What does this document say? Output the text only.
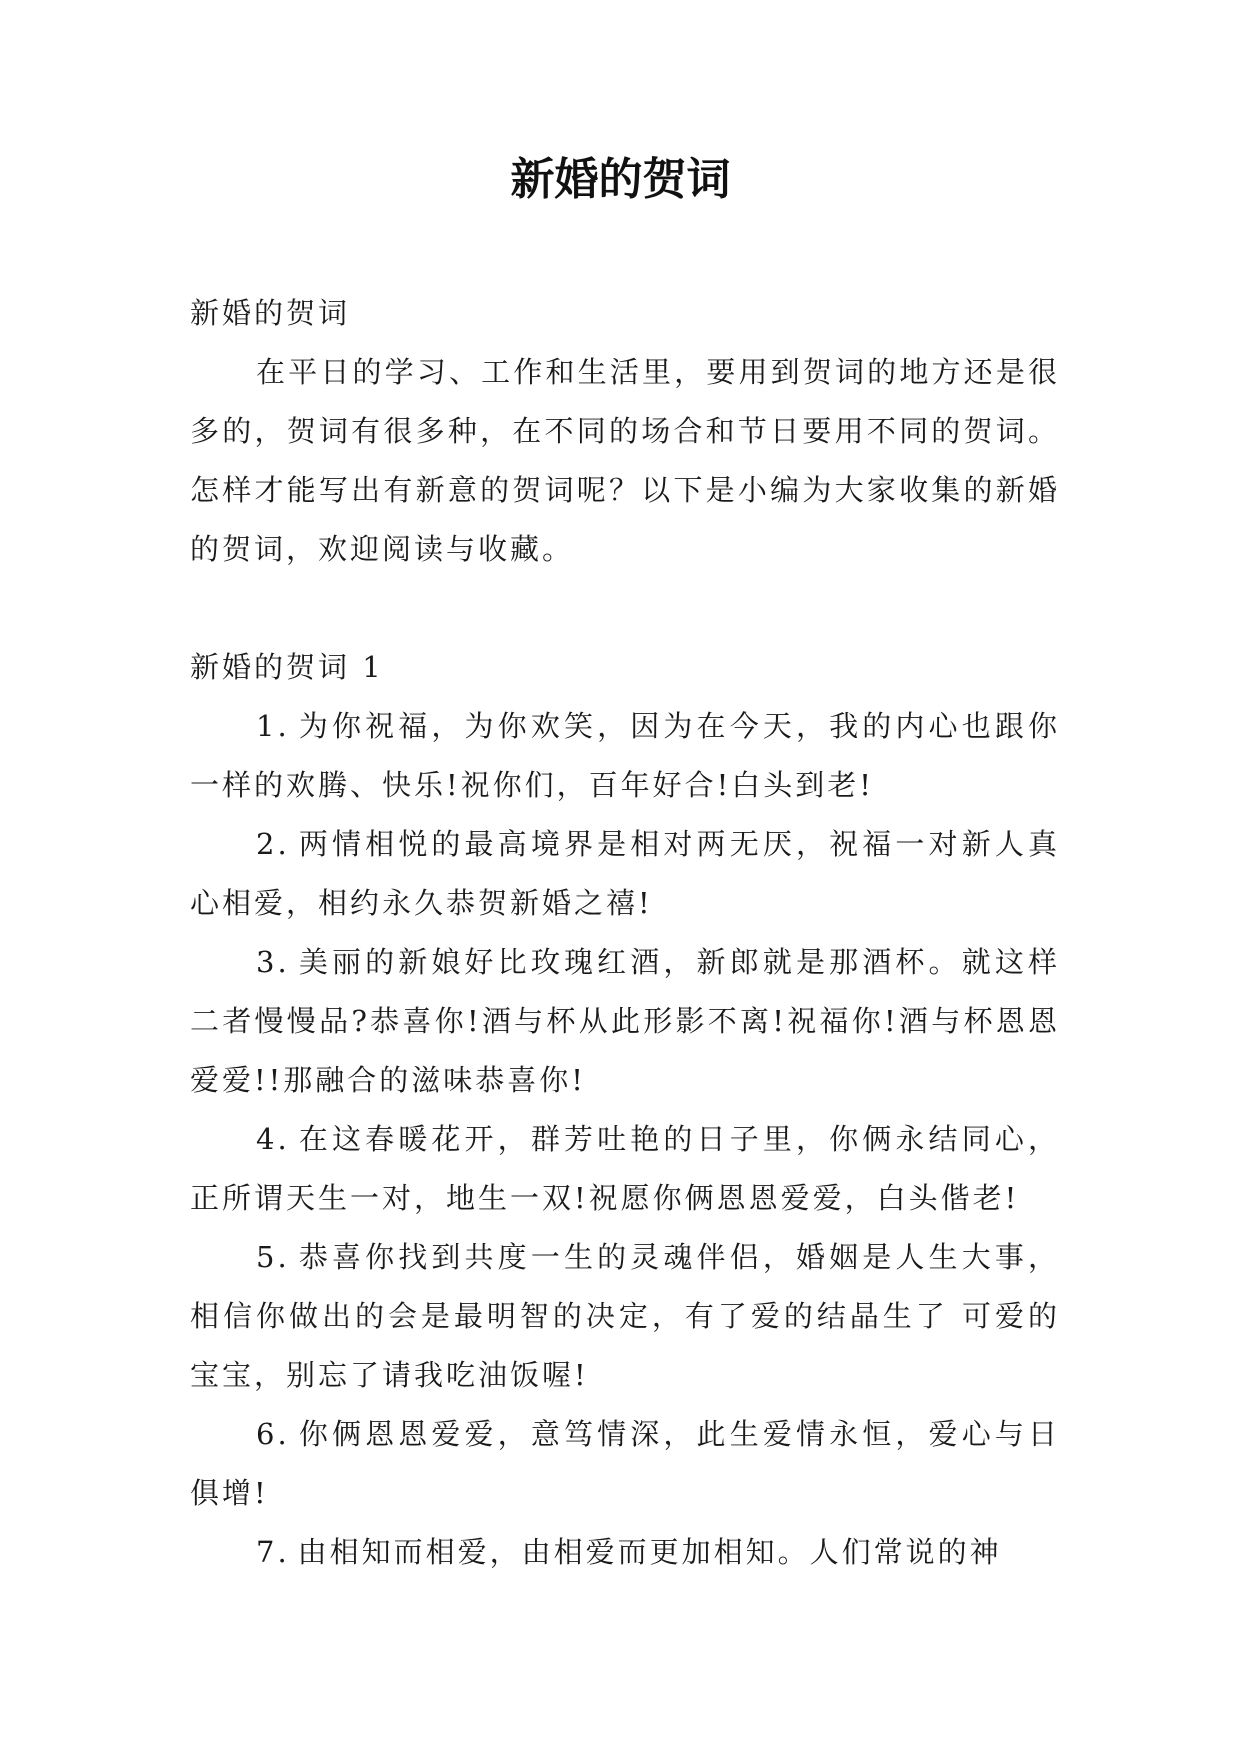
新婚的贺词

新婚的贺词

在平日的学习、工作和生活里，要用到贺词的地方还是很多的，贺词有很多种，在不同的场合和节日要用不同的贺词。怎样才能写出有新意的贺词呢？以下是小编为大家收集的新婚的贺词，欢迎阅读与收藏。

新婚的贺词 1

1. 为你祝福，为你欢笑，因为在今天，我的内心也跟你一样的欢腾、快乐!祝你们，百年好合!白头到老!

2. 两情相悦的最高境界是相对两无厌，祝福一对新人真心相爱，相约永久恭贺新婚之禧!

3. 美丽的新娘好比玫瑰红酒，新郎就是那酒杯。就这样二者慢慢品?恭喜你!酒与杯从此形影不离!祝福你!酒与杯恩恩爱爱!!那融合的滋味恭喜你!

4. 在这春暖花开，群芳吐艳的日子里，你俩永结同心，正所谓天生一对，地生一双!祝愿你俩恩恩爱爱，白头偕老!

5. 恭喜你找到共度一生的灵魂伴侣，婚姻是人生大事，相信你做出的会是最明智的决定，有了爱的结晶生了 可爱的宝宝，别忘了请我吃油饭喔!

6. 你俩恩恩爱爱，意笃情深，此生爱情永恒，爱心与日俱增!

7. 由相知而相爱，由相爱而更加相知。人们常说的神
